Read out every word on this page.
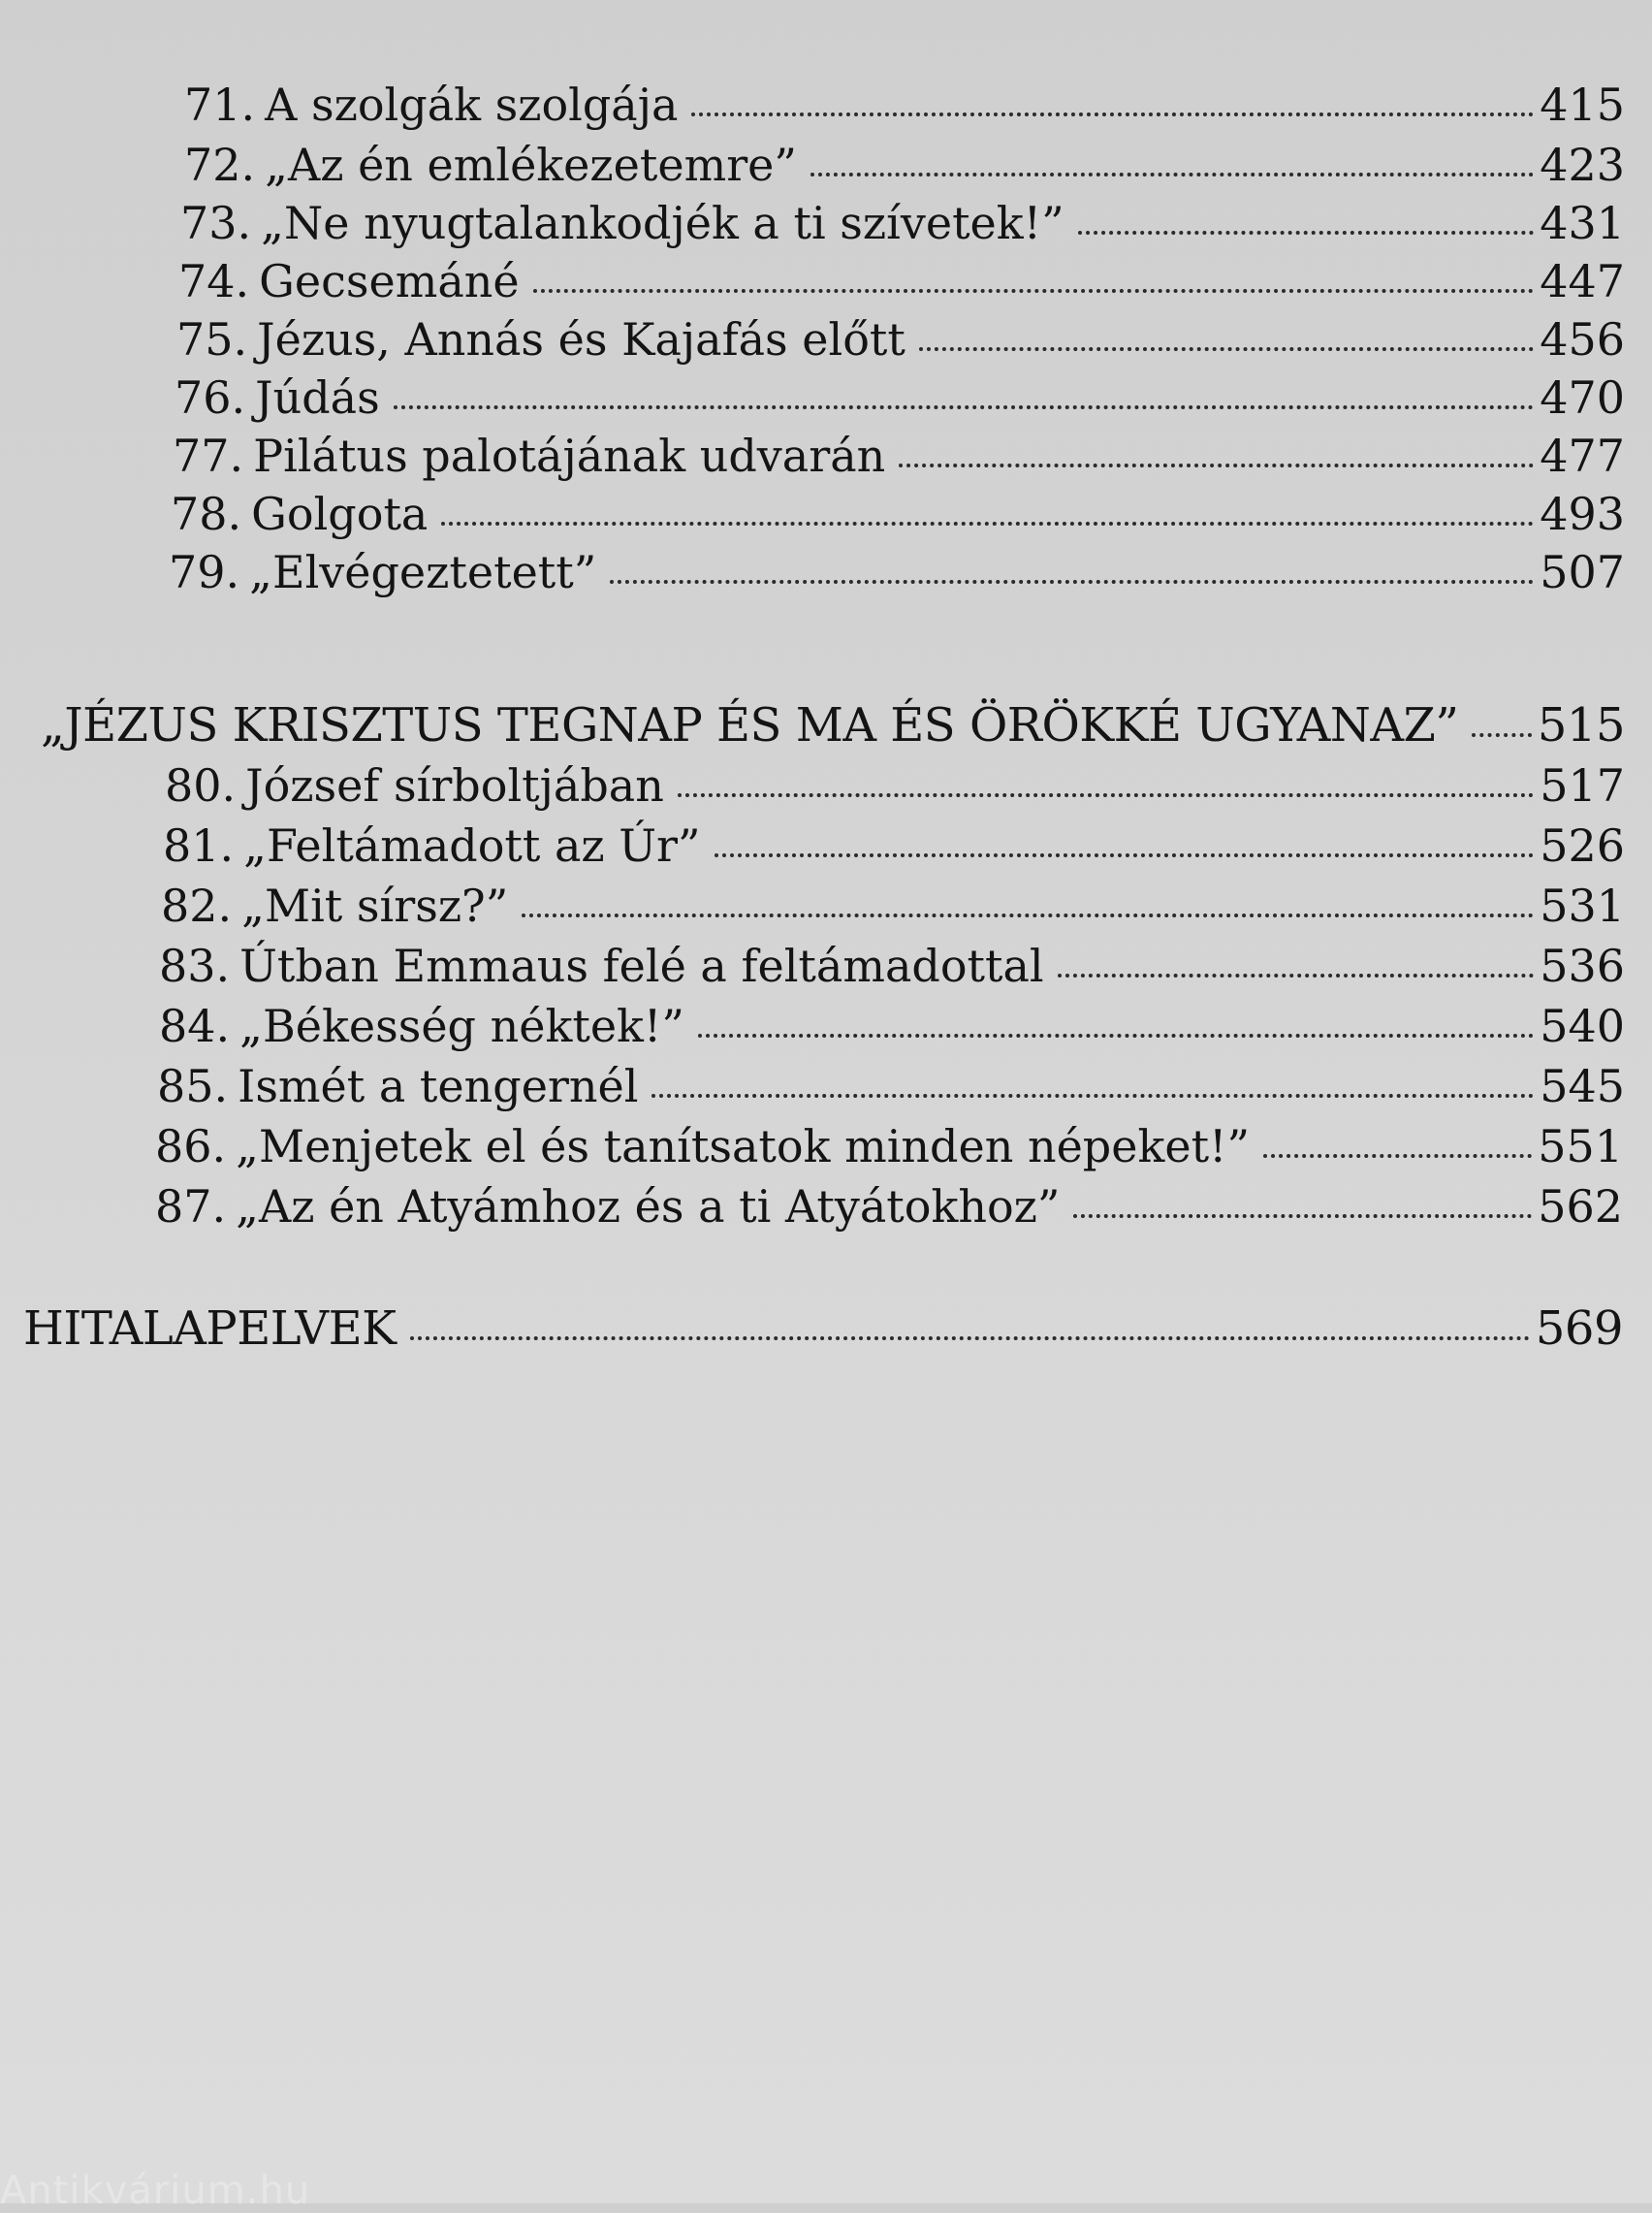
71. A szolgák szolgája	415
72. „Az én emlékezetemre”	423
73. „Ne nyugtalankodjék a ti szívetek!”	431
74. Gecsemáné	447
75. Jézus, Annás és Kajafás előtt	456
76. Júdás	470
77. Pilátus palotájának udvarán	477
78. Golgota	493
79. „Elvégeztetett”	507
„JÉZUS KRISZTUS TEGNAP ÉS MA ÉS ÖRÖKKÉ UGYANAZ” 515
80. József sírboltjában	517
81. „Feltámadott az Úr”	526
82. „Mit sírsz?”	531
83. Útban Emmaus felé a feltámadottal	536
84. „Békesség néktek!”	540
85. Ismét a tengernél	545
86. „Menjetek el és tanítsatok minden népeket!”	551
87. „Az én Atyámhoz és a ti Atyátokhoz”	562
HITALAPELVEK	569
Antikvárium.hu
